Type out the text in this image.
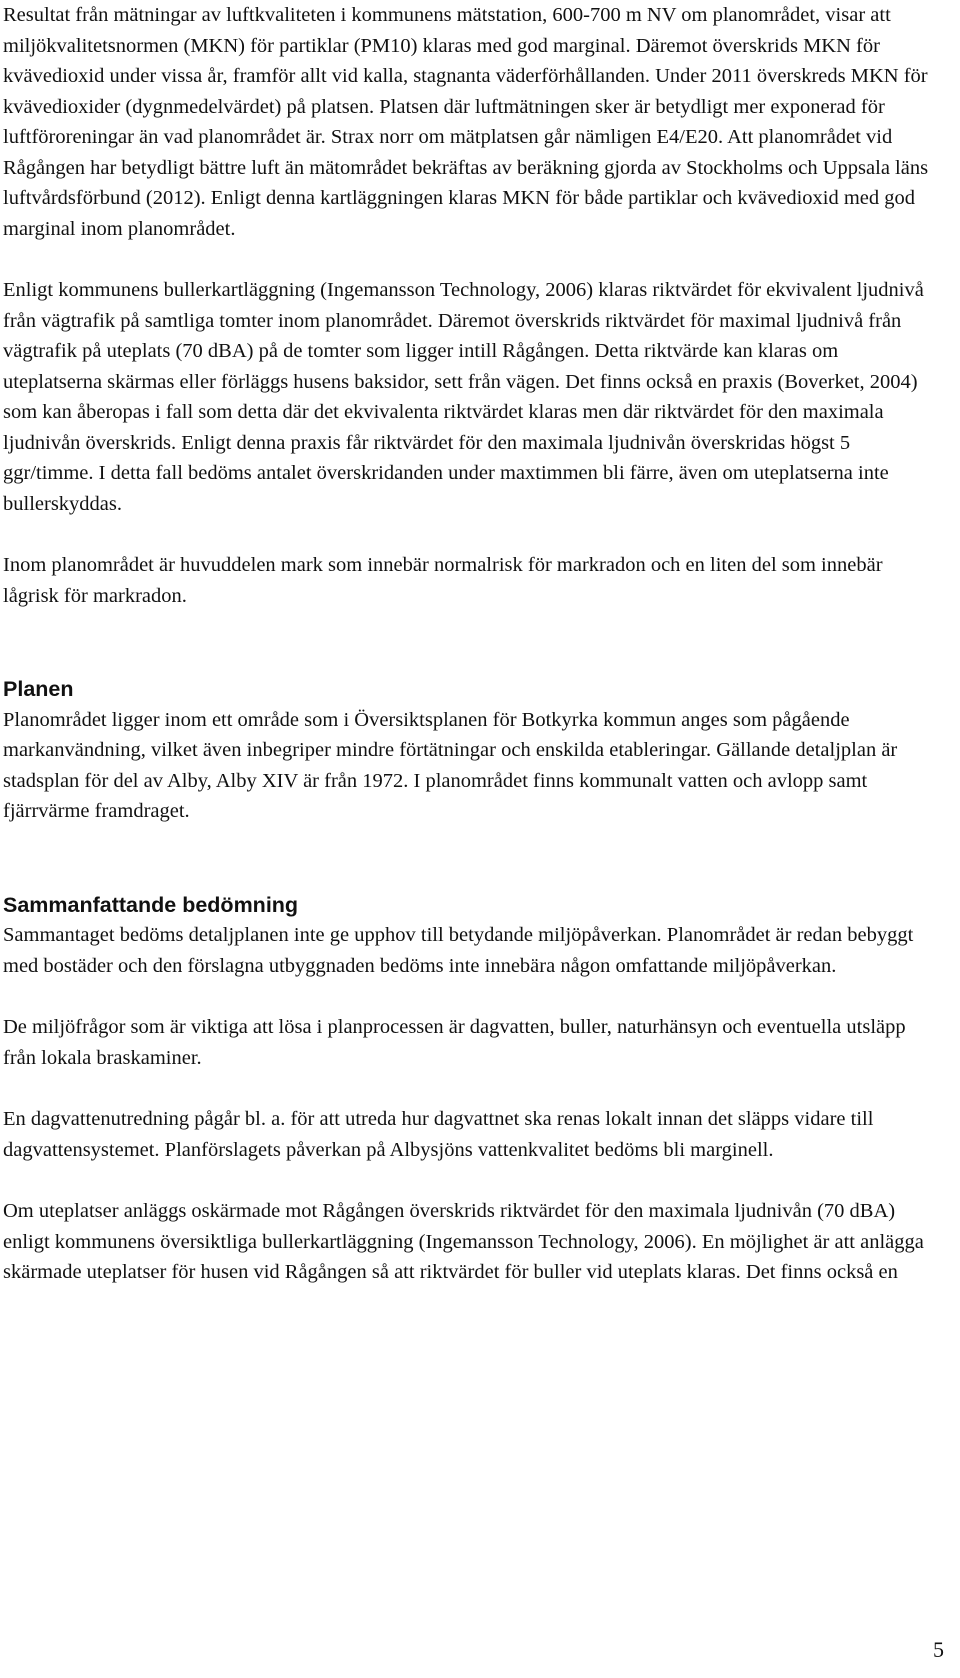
Resultat från mätningar av luftkvaliteten i kommunens mätstation, 600-700 m NV om planområdet, visar att miljökvalitetsnormen (MKN) för partiklar (PM10) klaras med god marginal. Däremot överskrids MKN för kvävedioxid under vissa år, framför allt vid kalla, stagnanta väderförhållanden. Under 2011 överskreds MKN för kvävedioxider (dygnmedelvärdet) på platsen. Platsen där luftmätningen sker är betydligt mer exponerad för luftföroreningar än vad planområdet är. Strax norr om mätplatsen går nämligen E4/E20. Att planområdet vid Rågången har betydligt bättre luft än mätområdet bekräftas av beräkning gjorda av Stockholms och Uppsala läns luftvårdsförbund (2012). Enligt denna kartläggningen klaras MKN för både partiklar och kvävedioxid med god marginal inom planområdet.

Enligt kommunens bullerkartläggning (Ingemansson Technology, 2006) klaras riktvärdet för ekvivalent ljudnivå från vägtrafik på samtliga tomter inom planområdet. Däremot överskrids riktvärdet för maximal ljudnivå från vägtrafik på uteplats (70 dBA) på de tomter som ligger intill Rågången. Detta riktvärde kan klaras om uteplatserna skärmas eller förläggs husens baksidor, sett från vägen. Det finns också en praxis (Boverket, 2004) som kan åberopas i fall som detta där det ekvivalenta riktvärdet klaras men där riktvärdet för den maximala ljudnivån överskrids. Enligt denna praxis får riktvärdet för den maximala ljudnivån överskridas högst 5 ggr/timme. I detta fall bedöms antalet överskridanden under maxtimmen bli färre, även om uteplatserna inte bullerskyddas.

Inom planområdet är huvuddelen mark som innebär normalrisk för markradon och en liten del som innebär lågrisk för markradon.

Planen

Planområdet ligger inom ett område som i Översiktsplanen för Botkyrka kommun anges som pågående markanvändning, vilket även inbegriper mindre förtätningar och enskilda etableringar. Gällande detaljplan är stadsplan för del av Alby, Alby XIV är från 1972. I planområdet finns kommunalt vatten och avlopp samt fjärrvärme framdraget.

Sammanfattande bedömning

Sammantaget bedöms detaljplanen inte ge upphov till betydande miljöpåverkan. Planområdet är redan bebyggt med bostäder och den förslagna utbyggnaden bedöms inte innebära någon omfattande miljöpåverkan.

De miljöfrågor som är viktiga att lösa i planprocessen är dagvatten, buller, naturhänsyn och eventuella utsläpp från lokala braskaminer.

En dagvattenutredning pågår bl. a. för att utreda hur dagvattnet ska renas lokalt innan det släpps vidare till dagvattensystemet. Planförslagets påverkan på Albysjöns vattenkvalitet bedöms bli marginell.

Om uteplatser anläggs oskärmade mot Rågången överskrids riktvärdet för den maximala ljudnivån (70 dBA) enligt kommunens översiktliga bullerkartläggning (Ingemansson Technology, 2006). En möjlighet är att anlägga skärmade uteplatser för husen vid Rågången så att riktvärdet för buller vid uteplats klaras. Det finns också en

5
